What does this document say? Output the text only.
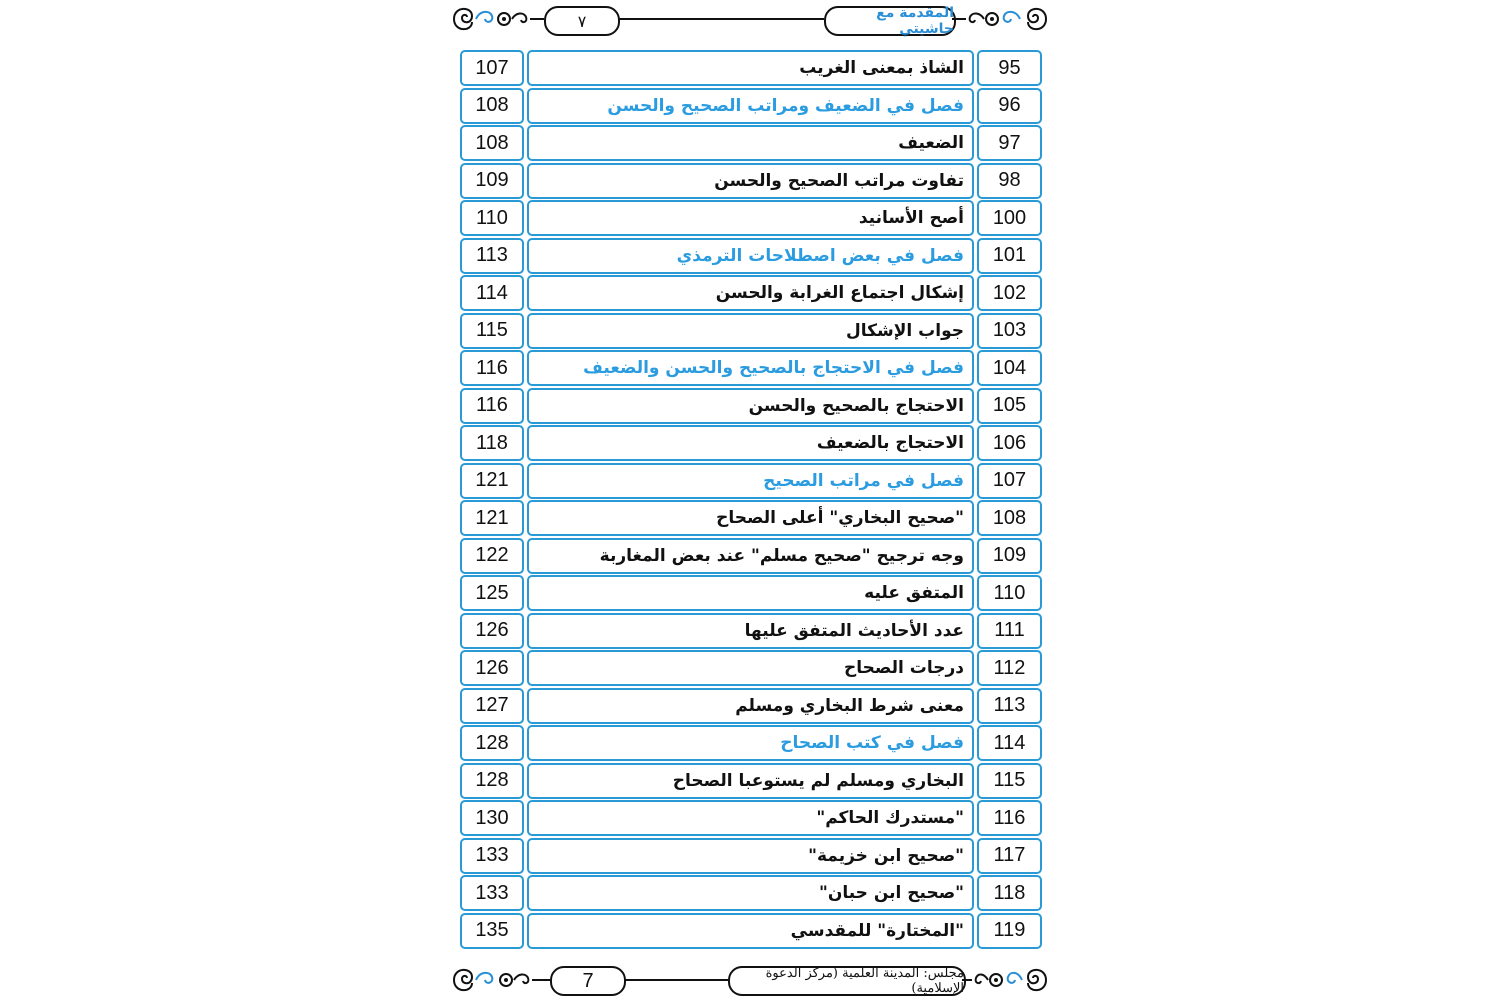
٧	المقدمة مع حاشيتي
107	الشاذ بمعنى الغريب	95
108	فصل في الضعيف ومراتب الصحيح والحسن	96
108	الضعيف	97
109	تفاوت مراتب الصحيح والحسن	98
110	أصح الأسانيد	100
113	فصل في بعض اصطلاحات الترمذي	101
114	إشكال اجتماع الغرابة والحسن	102
115	جواب الإشكال	103
116	فصل في الاحتجاج بالصحيح والحسن والضعيف	104
116	الاحتجاج بالصحيح والحسن	105
118	الاحتجاج بالضعيف	106
121	فصل في مراتب الصحيح	107
121	"صحيح البخاري" أعلى الصحاح	108
122	وجه ترجيح "صحيح مسلم" عند بعض المغاربة	109
125	المتفق عليه	110
126	عدد الأحاديث المتفق عليها	111
126	درجات الصحاح	112
127	معنى شرط البخاري ومسلم	113
128	فصل في كتب الصحاح	114
128	البخاري ومسلم لم يستوعبا الصحاح	115
130	"مستدرك الحاكم"	116
133	"صحيح ابن خزيمة"	117
133	"صحيح ابن حبان"	118
135	"المختارة" للمقدسي	119
7	مجلس: المدينة العلمية (مركز الدعوة الإسلامية)
